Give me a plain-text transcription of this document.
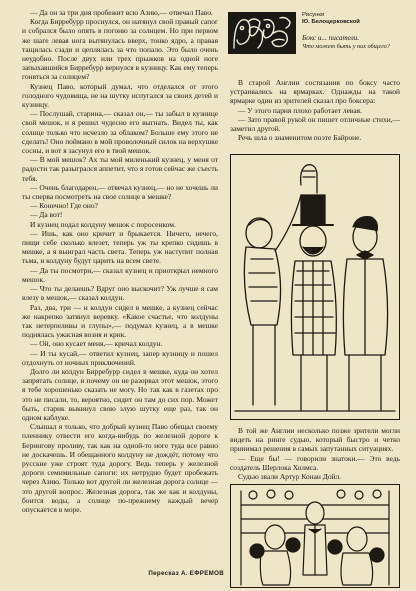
— Да он за три дня пробежит всю Азию,— отвечал Паво.

Когда Бирребурр проснулся, он натянул свой правый сапог и собрался было опять в погоню за солнцем. Но при первом же шаге левая нога вытянулась вверх, тонко ядро, а правая тащилась сзади и цеплялась за что попало. Это было очень неудобно. После двух или трех прыжков на одной ноге запыхавшийся Бирребурр вернулся в кузницу. Как ему теперь гоняться за солнцем?

Кузнец Паво, который думал, что отделался от этого голодного чудовища, не на шутку испугался за своих детей и кузницу.

— Послушай, старина,— сказал он,— ты забыл в кузнице свой мешок, и я решил чудесно его выгнать. Видел ты, как солнце только что исчезло за облаком? Больше ему этого не сделать! Оно поймано в мой проволочный силок на верхушке сосны, и вот я засунул его в твой мешок.

— В мой мешок? Ах ты мой миленький кузнец, у меня от радости так разыгрался аппетит, что я готов сейчас же съесть тебя.

— Очень благодарен,— отвечал кузнец,— но не хочешь ли ты сперва посмотреть на свое солнце в мешке?

— Конечно! Где оно?

— Да вот!

И кузнец подал колдуну мешок с поросенком.

— Ишь, как оно кричит и брыкается. Ничего, нечего, пищи себе сколько влезет, теперь уж ты крепко сидишь в мешке, а я выиграл часть света. Теперь уж наступит полная тьма, и колдуну будут царить на всем свете.

— Да ты посмотри,— сказал кузнец и приоткрыл немного мешок.

— Что ты делаешь? Вдруг оно выскочит? Уж лучше я сам влезу в мешок,— сказал колдун.

Раз, два, три — и колдун сидел в мешке, а кузнец сейчас же накрепко затянул веревку. «Какое счастье, что колдуны так нетерпеливы и глупы»,— подумал кузнец, а в мешке поднялась ужасная возня и крик.

— Ой, оно кусает меня,— кричал колдун.

— И ты кусай,— ответил кузнец, запер кузницу и пошел отдохнуть от ночных приключений.

Долго ли колдун Бирребурр сидел в мешке, куда он хотел запрятать солнце, и почему он не разорвал этот мешок, этого я тебе хорошенько сказать не могу. Но так как в газетах про это не писали, то, вероятно, сидит он там до сих пор. Может быть, старик выкинул свою злую шутку еще раз, так он одном каблуке.

Слышал я только, что добрый кузнец Паво обещал своему пленнику отвести его когда-нибудь по железной дороге к Берингову проливу, так как на одной-то ноге туда все равно не доскачешь. И обещанного колдуну не дождёт, потому что русские уже строят туда дорогу. Ведь теперь у железной дороги семимильные сапоги: их нетрудно будет пробежать через Азию. Только вот другой ли железная дорога солнце — это другой вопрос. Железная дорога, так же как и колдуны, боится воды, а солнце по-прежнему каждый вечер опускается в море.

Пересказ А. ЕФРЕМОВ
Рисунки
Ю. Белоцерковской
Бокс и... писатели.
Что может быть у них общего?

В старой Англии состязания по боксу часто устраивались на ярмарках. Однажды на такой ярмарке один из зрителей сказал про боксера:

— У этого парня плохо работает левая.

— Зато правой рукой он пишет отличные стихи,— заметил другой.

Речь шла о знаменитом поэте Байроне.

В той же Англии несколько позже зрители могли видеть на ринге судью, который быстро и четко принимал решения в самых запутанных ситуациях.

— Еще бы! — говорили знатоки.— Это ведь создатель Шерлока Холмса.

Судью звали Артур Конан Дойл.
